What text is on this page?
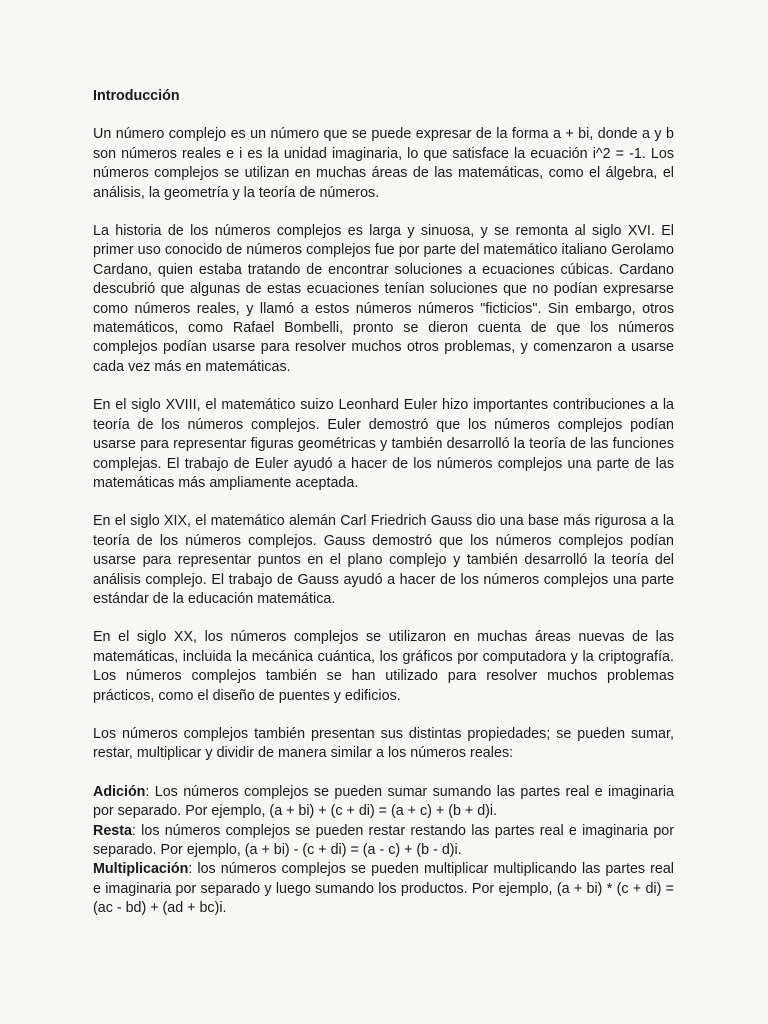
Introducción

Un número complejo es un número que se puede expresar de la forma a + bi, donde a y b son números reales e i es la unidad imaginaria, lo que satisface la ecuación i^2 = -1. Los números complejos se utilizan en muchas áreas de las matemáticas, como el álgebra, el análisis, la geometría y la teoría de números.

La historia de los números complejos es larga y sinuosa, y se remonta al siglo XVI. El primer uso conocido de números complejos fue por parte del matemático italiano Gerolamo Cardano, quien estaba tratando de encontrar soluciones a ecuaciones cúbicas. Cardano descubrió que algunas de estas ecuaciones tenían soluciones que no podían expresarse como números reales, y llamó a estos números números "ficticios". Sin embargo, otros matemáticos, como Rafael Bombelli, pronto se dieron cuenta de que los números complejos podían usarse para resolver muchos otros problemas, y comenzaron a usarse cada vez más en matemáticas.

En el siglo XVIII, el matemático suizo Leonhard Euler hizo importantes contribuciones a la teoría de los números complejos. Euler demostró que los números complejos podían usarse para representar figuras geométricas y también desarrolló la teoría de las funciones complejas. El trabajo de Euler ayudó a hacer de los números complejos una parte de las matemáticas más ampliamente aceptada.

En el siglo XIX, el matemático alemán Carl Friedrich Gauss dio una base más rigurosa a la teoría de los números complejos. Gauss demostró que los números complejos podían usarse para representar puntos en el plano complejo y también desarrolló la teoría del análisis complejo. El trabajo de Gauss ayudó a hacer de los números complejos una parte estándar de la educación matemática.

En el siglo XX, los números complejos se utilizaron en muchas áreas nuevas de las matemáticas, incluida la mecánica cuántica, los gráficos por computadora y la criptografía. Los números complejos también se han utilizado para resolver muchos problemas prácticos, como el diseño de puentes y edificios.

Los números complejos también presentan sus distintas propiedades; se pueden sumar, restar, multiplicar y dividir de manera similar a los números reales:

Adición: Los números complejos se pueden sumar sumando las partes real e imaginaria por separado. Por ejemplo, (a + bi) + (c + di) = (a + c) + (b + d)i.

Resta: los números complejos se pueden restar restando las partes real e imaginaria por separado. Por ejemplo, (a + bi) - (c + di) = (a - c) + (b - d)i.

Multiplicación: los números complejos se pueden multiplicar multiplicando las partes real e imaginaria por separado y luego sumando los productos. Por ejemplo, (a + bi) * (c + di) = (ac - bd) + (ad + bc)i.
